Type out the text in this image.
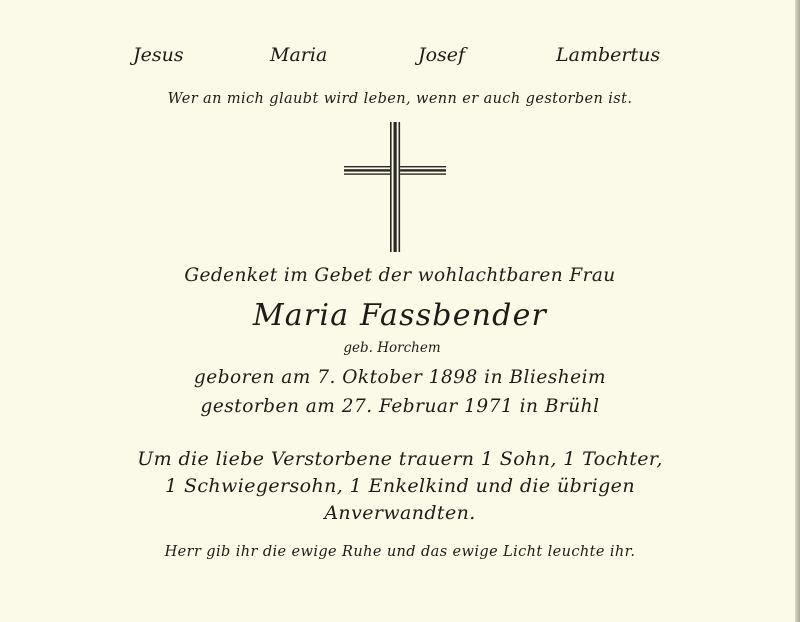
Jesus	Maria	Josef	Lambertus
Wer an mich glaubt wird leben, wenn er auch gestorben ist.
Gedenket im Gebet der wohlachtbaren Frau
Maria Fassbender
geb. Horchem
geboren am 7. Oktober 1898 in Bliesheim
gestorben am 27. Februar 1971 in Brühl
Um die liebe Verstorbene trauern 1 Sohn, 1 Tochter,
1 Schwiegersohn, 1 Enkelkind und die übrigen
Anverwandten.
Herr gib ihr die ewige Ruhe und das ewige Licht leuchte ihr.
